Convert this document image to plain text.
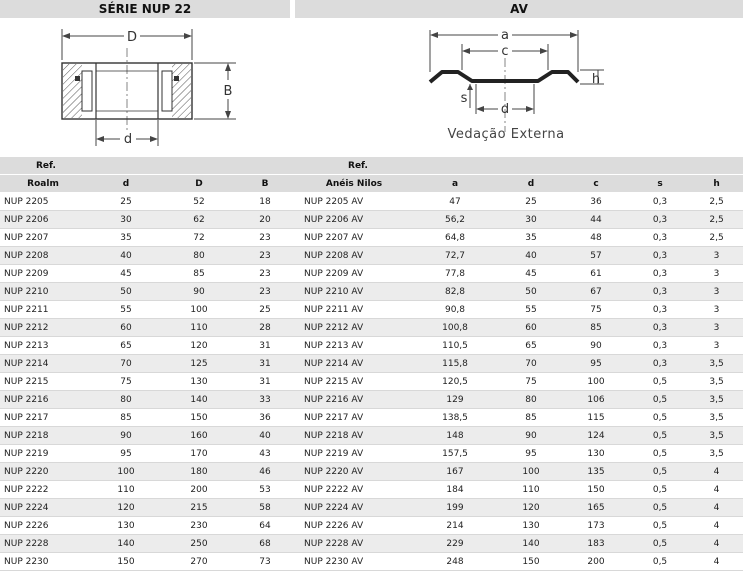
SÉRIE NUP 22	AV
D
B
d
a
c
h
s
d
Vedação Externa
Ref.				Ref.					
Roalm	d	D	B	Anéis Nilos	a	d	c	s	h
NUP 2205	25	52	18	NUP 2205 AV	47	25	36	0,3	2,5
NUP 2206	30	62	20	NUP 2206 AV	56,2	30	44	0,3	2,5
NUP 2207	35	72	23	NUP 2207 AV	64,8	35	48	0,3	2,5
NUP 2208	40	80	23	NUP 2208 AV	72,7	40	57	0,3	3
NUP 2209	45	85	23	NUP 2209 AV	77,8	45	61	0,3	3
NUP 2210	50	90	23	NUP 2210 AV	82,8	50	67	0,3	3
NUP 2211	55	100	25	NUP 2211 AV	90,8	55	75	0,3	3
NUP 2212	60	110	28	NUP 2212 AV	100,8	60	85	0,3	3
NUP 2213	65	120	31	NUP 2213 AV	110,5	65	90	0,3	3
NUP 2214	70	125	31	NUP 2214 AV	115,8	70	95	0,3	3,5
NUP 2215	75	130	31	NUP 2215 AV	120,5	75	100	0,5	3,5
NUP 2216	80	140	33	NUP 2216 AV	129	80	106	0,5	3,5
NUP 2217	85	150	36	NUP 2217 AV	138,5	85	115	0,5	3,5
NUP 2218	90	160	40	NUP 2218 AV	148	90	124	0,5	3,5
NUP 2219	95	170	43	NUP 2219 AV	157,5	95	130	0,5	3,5
NUP 2220	100	180	46	NUP 2220 AV	167	100	135	0,5	4
NUP 2222	110	200	53	NUP 2222 AV	184	110	150	0,5	4
NUP 2224	120	215	58	NUP 2224 AV	199	120	165	0,5	4
NUP 2226	130	230	64	NUP 2226 AV	214	130	173	0,5	4
NUP 2228	140	250	68	NUP 2228 AV	229	140	183	0,5	4
NUP 2230	150	270	73	NUP 2230 AV	248	150	200	0,5	4
